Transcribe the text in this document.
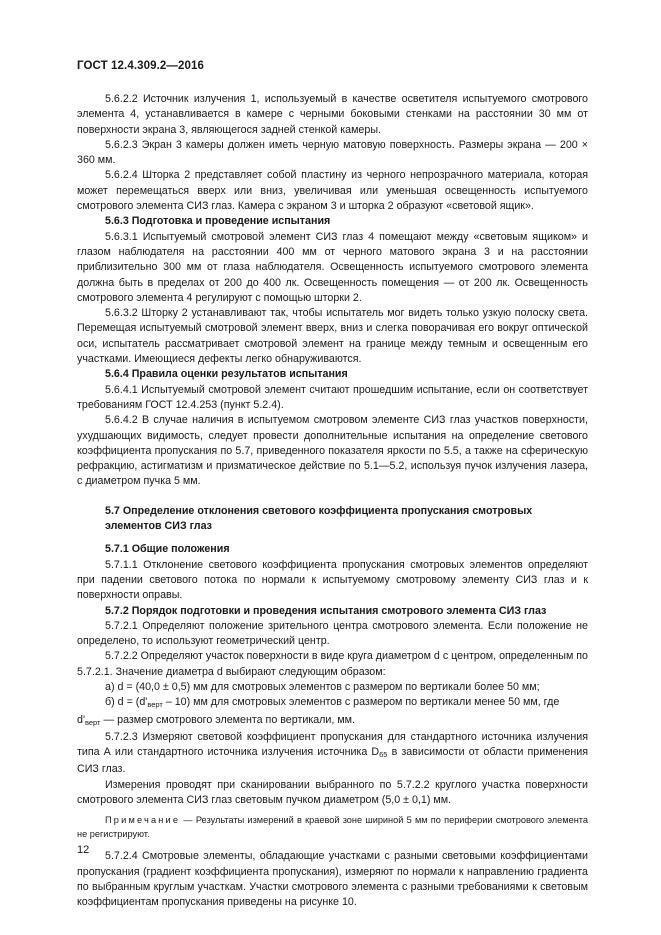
ГОСТ 12.4.309.2—2016

5.6.2.2 Источник излучения 1, используемый в качестве осветителя испытуемого смотрового элемента 4, устанавливается в камере с черными боковыми стенками на расстоянии 30 мм от поверхности экрана 3, являющегося задней стенкой камеры.

5.6.2.3 Экран 3 камеры должен иметь черную матовую поверхность. Размеры экрана — 200 × 360 мм.

5.6.2.4 Шторка 2 представляет собой пластину из черного непрозрачного материала, которая может перемещаться вверх или вниз, увеличивая или уменьшая освещенность испытуемого смотрового элемента СИЗ глаз. Камера с экраном 3 и шторка 2 образуют «световой ящик».

5.6.3 Подготовка и проведение испытания

5.6.3.1 Испытуемый смотровой элемент СИЗ глаз 4 помещают между «световым ящиком» и глазом наблюдателя на расстоянии 400 мм от черного матового экрана 3 и на расстоянии приблизительно 300 мм от глаза наблюдателя. Освещенность испытуемого смотрового элемента должна быть в пределах от 200 до 400 лк. Освещенность помещения — от 200 лк. Освещенность смотрового элемента 4 регулируют с помощью шторки 2.

5.6.3.2 Шторку 2 устанавливают так, чтобы испытатель мог видеть только узкую полоску света. Перемещая испытуемый смотровой элемент вверх, вниз и слегка поворачивая его вокруг оптической оси, испытатель рассматривает смотровой элемент на границе между темным и освещенным его участками. Имеющиеся дефекты легко обнаруживаются.

5.6.4 Правила оценки результатов испытания

5.6.4.1 Испытуемый смотровой элемент считают прошедшим испытание, если он соответствует требованиям ГОСТ 12.4.253 (пункт 5.2.4).

5.6.4.2 В случае наличия в испытуемом смотровом элементе СИЗ глаз участков поверхности, ухудшающих видимость, следует провести дополнительные испытания на определение светового коэффициента пропускания по 5.7, приведенного показателя яркости по 5.5, а также на сферическую рефракцию, астигматизм и призматическое действие по 5.1—5.2, используя пучок излучения лазера, с диаметром пучка 5 мм.

5.7 Определение отклонения светового коэффициента пропускания смотровых элементов СИЗ глаз

5.7.1 Общие положения

5.7.1.1 Отклонение светового коэффициента пропускания смотровых элементов определяют при падении светового потока по нормали к испытуемому смотровому элементу СИЗ глаз и к поверхности оправы.

5.7.2 Порядок подготовки и проведения испытания смотрового элемента СИЗ глаз

5.7.2.1 Определяют положение зрительного центра смотрового элемента. Если положение не определено, то используют геометрический центр.

5.7.2.2 Определяют участок поверхности в виде круга диаметром d с центром, определенным по 5.7.2.1. Значение диаметра d выбирают следующим образом:

а) d = (40,0 ± 0,5) мм для смотровых элементов с размером по вертикали более 50 мм;

б) $d = (d'_{верт} - 10)$ мм для смотровых элементов с размером по вертикали менее 50 мм, где

$d'_{верт}$ — размер смотрового элемента по вертикали, мм.

5.7.2.3 Измеряют световой коэффициент пропускания для стандартного источника излучения типа А или стандартного источника излучения источника $D_{65}$ в зависимости от области применения СИЗ глаз.

Измерения проводят при сканировании выбранного по 5.7.2.2 круглого участка поверхности смотрового элемента СИЗ глаз световым пучком диаметром (5,0 ± 0,1) мм.

Примечание — Результаты измерений в краевой зоне шириной 5 мм по периферии смотрового элемента не регистрируют.

5.7.2.4 Смотровые элементы, обладающие участками с разными световыми коэффициентами пропускания (градиент коэффициента пропускания), измеряют по нормали к направлению градиента по выбранным круглым участкам. Участки смотрового элемента с разными требованиями к световым коэффициентам пропускания приведены на рисунке 10.

12
